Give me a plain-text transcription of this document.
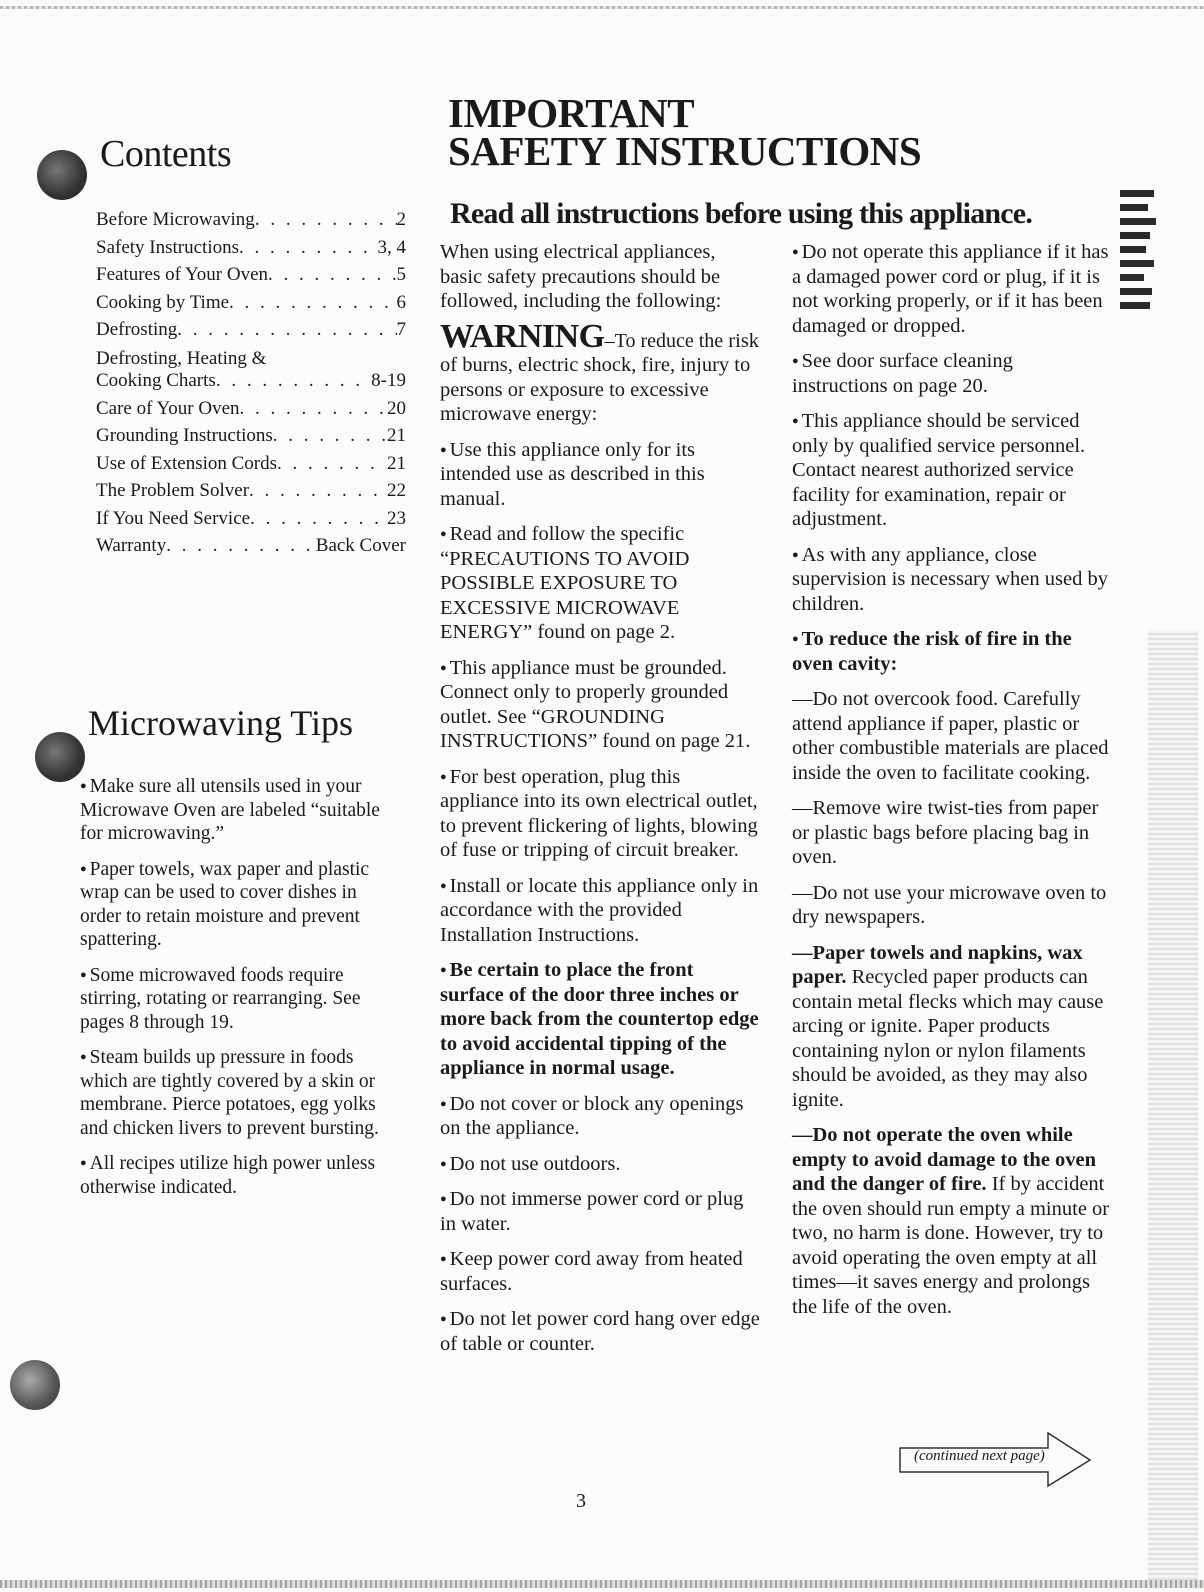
Contents
Before Microwaving . . .	2
Safety Instructions . . .	3, 4
Features of Your Oven . . .	5
Cooking by Time . . .	6
Defrosting . . .	7
Defrosting, Heating &
Cooking Charts . . .	8-19
Care of Your Oven . . .	20
Grounding Instructions . . .	21
Use of Extension Cords . . .	21
The Problem Solver . . .	22
If You Need Service . . .	23
Warranty . . .	Back Cover
Microwaving Tips

● Make sure all utensils used in your Microwave Oven are labeled “suitable for microwaving.”

● Paper towels, wax paper and plastic wrap can be used to cover dishes in order to retain moisture and prevent spattering.

● Some microwaved foods require stirring, rotating or rearranging. See pages 8 through 19.

● Steam builds up pressure in foods which are tightly covered by a skin or membrane. Pierce potatoes, egg yolks and chicken livers to prevent bursting.

● All recipes utilize high power unless otherwise indicated.

IMPORTANT
SAFETY INSTRUCTIONS
Read all instructions before using this appliance.

When using electrical appliances, basic safety precautions should be followed, including the following:

WARNING–To reduce the risk of burns, electric shock, fire, injury to persons or exposure to excessive microwave energy:

● Use this appliance only for its intended use as described in this manual.

● Read and follow the specific “PRECAUTIONS TO AVOID POSSIBLE EXPOSURE TO EXCESSIVE MICROWAVE ENERGY” found on page 2.

● This appliance must be grounded. Connect only to properly grounded outlet. See “GROUNDING INSTRUCTIONS” found on page 21.

● For best operation, plug this appliance into its own electrical outlet, to prevent flickering of lights, blowing of fuse or tripping of circuit breaker.

● Install or locate this appliance only in accordance with the provided Installation Instructions.

● Be certain to place the front surface of the door three inches or more back from the countertop edge to avoid accidental tipping of the appliance in normal usage.

● Do not cover or block any openings on the appliance.

● Do not use outdoors.

● Do not immerse power cord or plug in water.

● Keep power cord away from heated surfaces.

● Do not let power cord hang over edge of table or counter.

● Do not operate this appliance if it has a damaged power cord or plug, if it is not working properly, or if it has been damaged or dropped.

● See door surface cleaning instructions on page 20.

● This appliance should be serviced only by qualified service personnel. Contact nearest authorized service facility for examination, repair or adjustment.

● As with any appliance, close supervision is necessary when used by children.

● To reduce the risk of fire in the oven cavity:

—Do not overcook food. Carefully attend appliance if paper, plastic or other combustible materials are placed inside the oven to facilitate cooking.

—Remove wire twist-ties from paper or plastic bags before placing bag in oven.

—Do not use your microwave oven to dry newspapers.

—Paper towels and napkins, wax paper. Recycled paper products can contain metal flecks which may cause arcing or ignite. Paper products containing nylon or nylon filaments should be avoided, as they may also ignite.

—Do not operate the oven while empty to avoid damage to the oven and the danger of fire. If by accident the oven should run empty a minute or two, no harm is done. However, try to avoid operating the oven empty at all times—it saves energy and prolongs the life of the oven.

(continued next page)
3
